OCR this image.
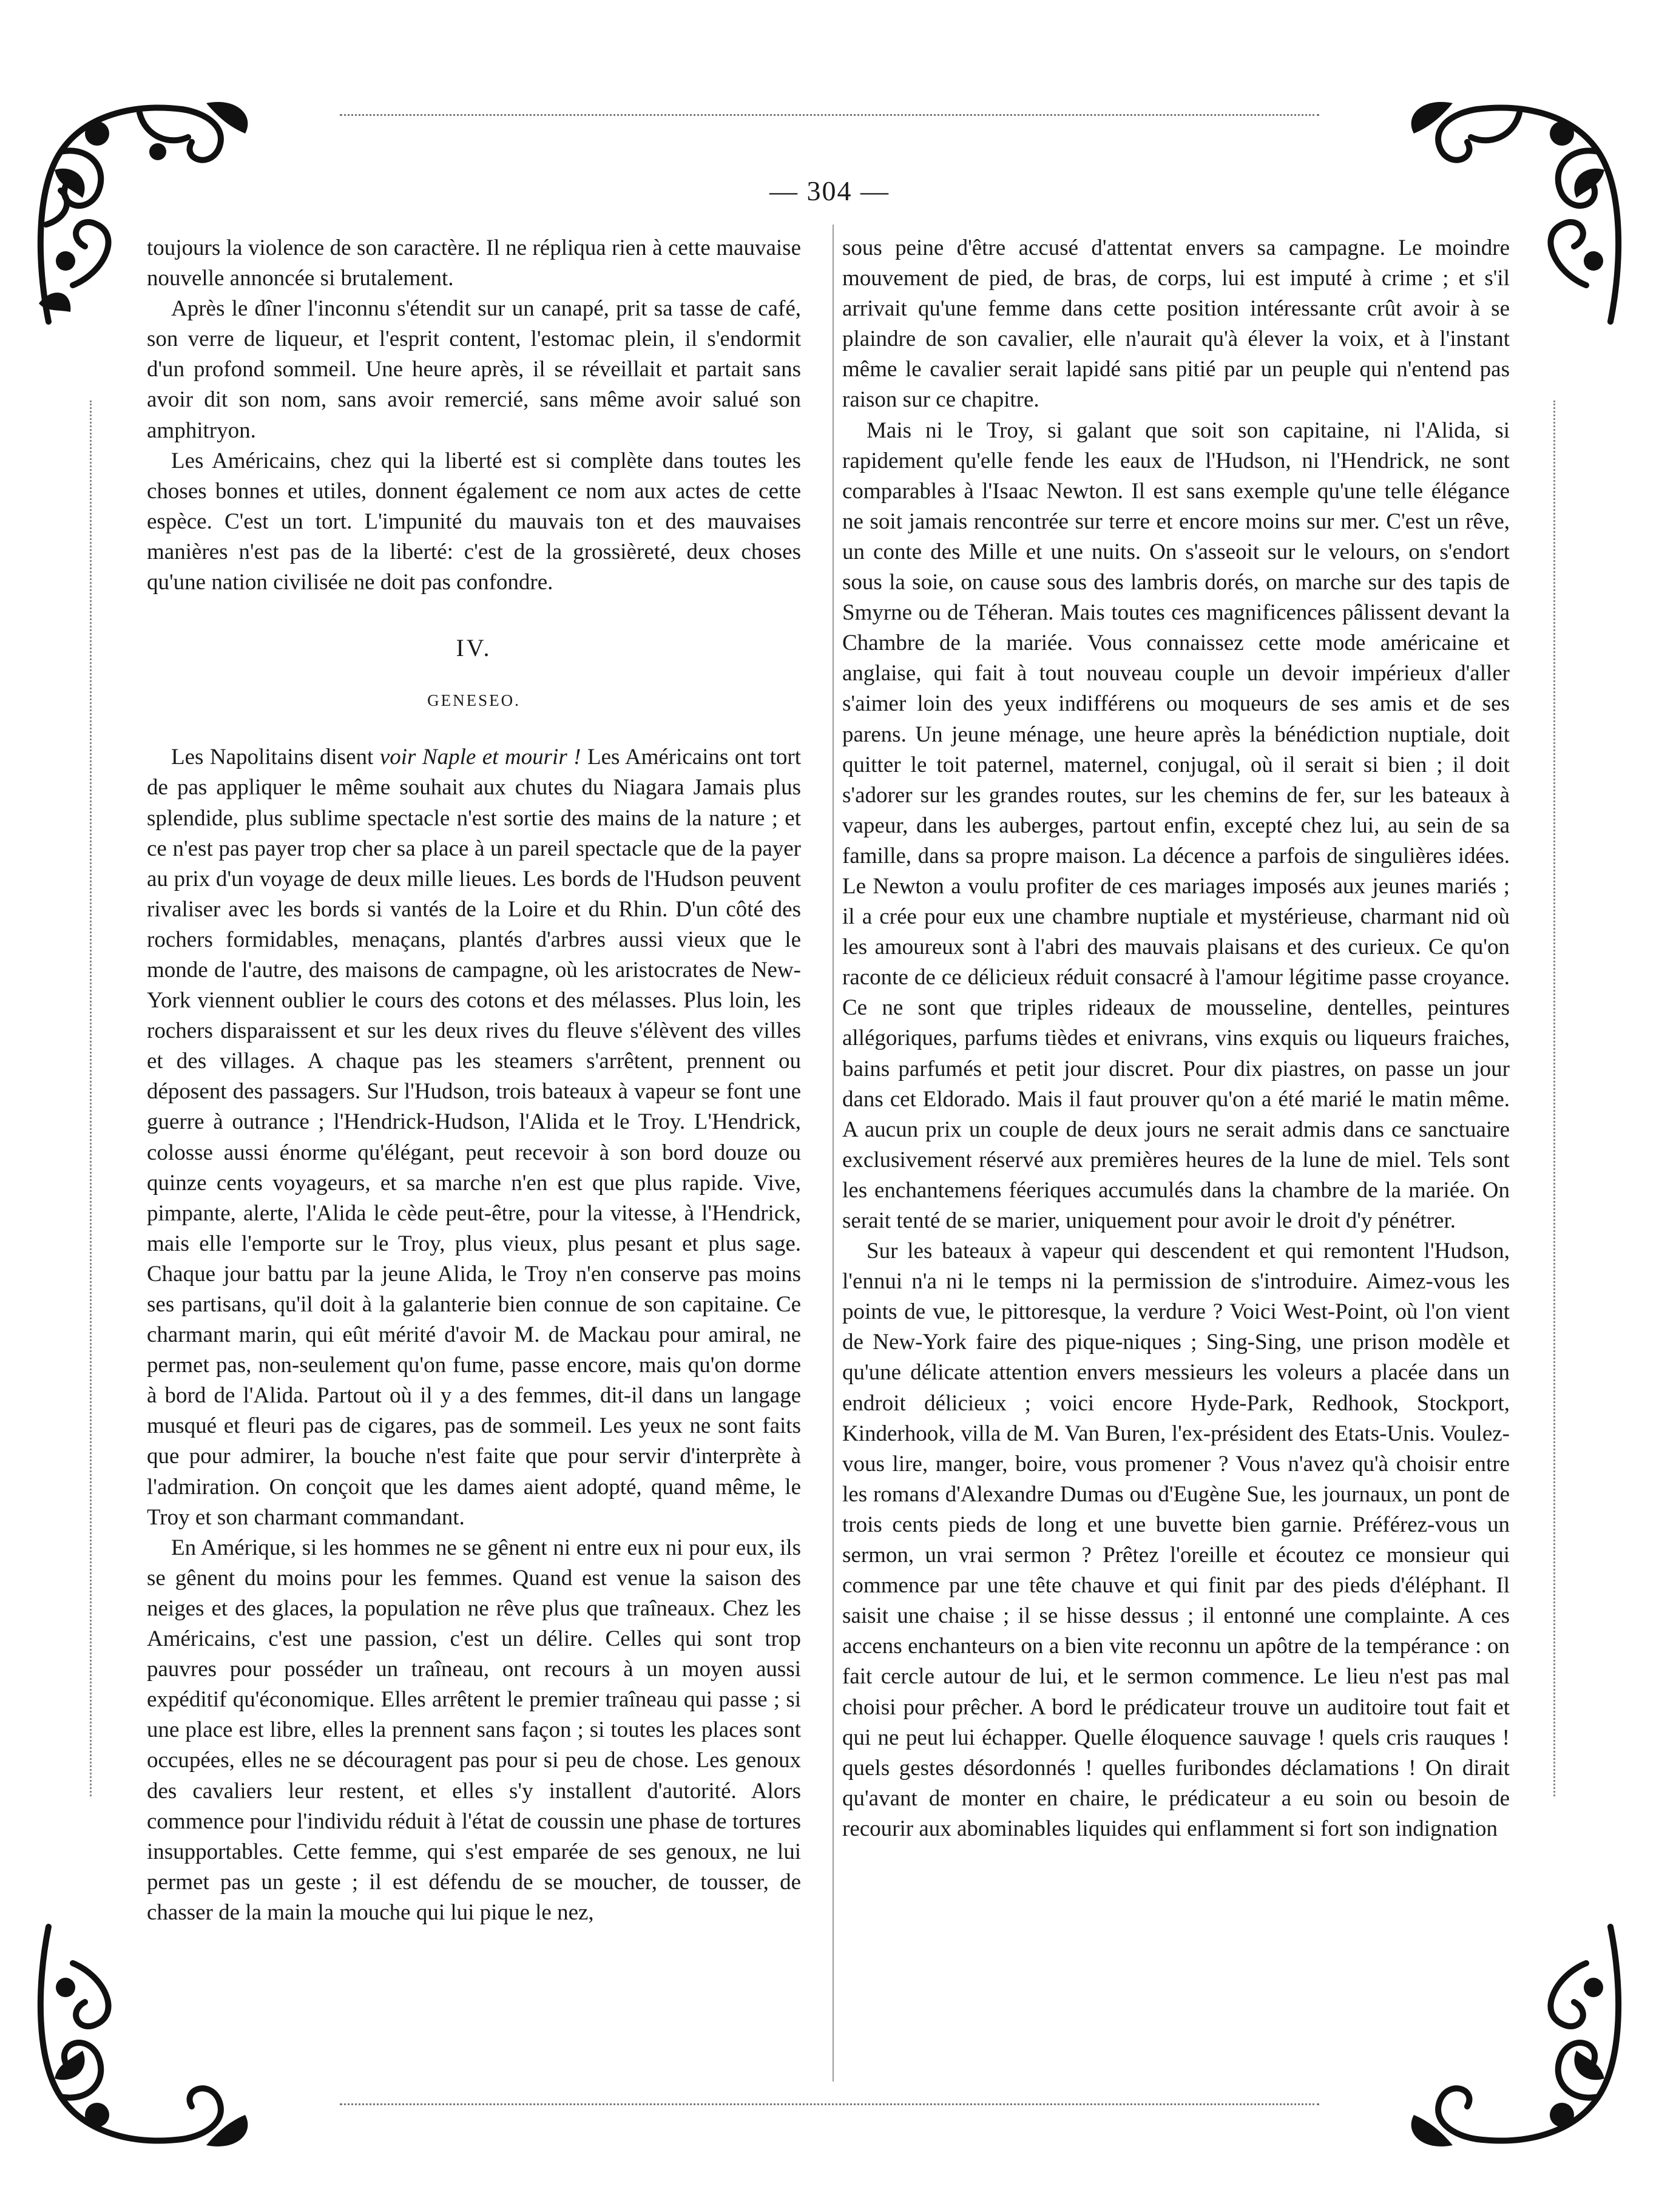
— 304 —

toujours la violence de son caractère. Il ne répliqua rien à cette mauvaise nouvelle annoncée si brutalement.

Après le dîner l'inconnu s'étendit sur un canapé, prit sa tasse de café, son verre de liqueur, et l'esprit content, l'estomac plein, il s'endormit d'un profond sommeil. Une heure après, il se réveillait et partait sans avoir dit son nom, sans avoir remercié, sans même avoir salué son amphitryon.

Les Américains, chez qui la liberté est si complète dans toutes les choses bonnes et utiles, donnent également ce nom aux actes de cette espèce. C'est un tort. L'impunité du mauvais ton et des mauvaises manières n'est pas de la liberté: c'est de la grossièreté, deux choses qu'une nation civilisée ne doit pas confondre.

IV.
GENESEO.

Les Napolitains disent voir Naple et mourir ! Les Américains ont tort de pas appliquer le même souhait aux chutes du Niagara Jamais plus splendide, plus sublime spectacle n'est sortie des mains de la nature ; et ce n'est pas payer trop cher sa place à un pareil spectacle que de la payer au prix d'un voyage de deux mille lieues. Les bords de l'Hudson peuvent rivaliser avec les bords si vantés de la Loire et du Rhin. D'un côté des rochers formidables, menaçans, plantés d'arbres aussi vieux que le monde de l'autre, des maisons de campagne, où les aristocrates de New-York viennent oublier le cours des cotons et des mélasses. Plus loin, les rochers disparaissent et sur les deux rives du fleuve s'élèvent des villes et des villages. A chaque pas les steamers s'arrêtent, prennent ou déposent des passagers. Sur l'Hudson, trois bateaux à vapeur se font une guerre à outrance ; l'Hendrick-Hudson, l'Alida et le Troy. L'Hendrick, colosse aussi énorme qu'élégant, peut recevoir à son bord douze ou quinze cents voyageurs, et sa marche n'en est que plus rapide. Vive, pimpante, alerte, l'Alida le cède peut-être, pour la vitesse, à l'Hendrick, mais elle l'emporte sur le Troy, plus vieux, plus pesant et plus sage. Chaque jour battu par la jeune Alida, le Troy n'en conserve pas moins ses partisans, qu'il doit à la galanterie bien connue de son capitaine. Ce charmant marin, qui eût mérité d'avoir M. de Mackau pour amiral, ne permet pas, non-seulement qu'on fume, passe encore, mais qu'on dorme à bord de l'Alida. Partout où il y a des femmes, dit-il dans un langage musqué et fleuri pas de cigares, pas de sommeil. Les yeux ne sont faits que pour admirer, la bouche n'est faite que pour servir d'interprète à l'admiration. On conçoit que les dames aient adopté, quand même, le Troy et son charmant commandant.

En Amérique, si les hommes ne se gênent ni entre eux ni pour eux, ils se gênent du moins pour les femmes. Quand est venue la saison des neiges et des glaces, la population ne rêve plus que traîneaux. Chez les Américains, c'est une passion, c'est un délire. Celles qui sont trop pauvres pour posséder un traîneau, ont recours à un moyen aussi expéditif qu'économique. Elles arrêtent le premier traîneau qui passe ; si une place est libre, elles la prennent sans façon ; si toutes les places sont occupées, elles ne se découragent pas pour si peu de chose. Les genoux des cavaliers leur restent, et elles s'y installent d'autorité. Alors commence pour l'individu réduit à l'état de coussin une phase de tortures insupportables. Cette femme, qui s'est emparée de ses genoux, ne lui permet pas un geste ; il est défendu de se moucher, de tousser, de chasser de la main la mouche qui lui pique le nez,

sous peine d'être accusé d'attentat envers sa campagne. Le moindre mouvement de pied, de bras, de corps, lui est imputé à crime ; et s'il arrivait qu'une femme dans cette position intéressante crût avoir à se plaindre de son cavalier, elle n'aurait qu'à élever la voix, et à l'instant même le cavalier serait lapidé sans pitié par un peuple qui n'entend pas raison sur ce chapitre.

Mais ni le Troy, si galant que soit son capitaine, ni l'Alida, si rapidement qu'elle fende les eaux de l'Hudson, ni l'Hendrick, ne sont comparables à l'Isaac Newton. Il est sans exemple qu'une telle élégance ne soit jamais rencontrée sur terre et encore moins sur mer. C'est un rêve, un conte des Mille et une nuits. On s'asseoit sur le velours, on s'endort sous la soie, on cause sous des lambris dorés, on marche sur des tapis de Smyrne ou de Téheran. Mais toutes ces magnificences pâlissent devant la Chambre de la mariée. Vous connaissez cette mode américaine et anglaise, qui fait à tout nouveau couple un devoir impérieux d'aller s'aimer loin des yeux indifférens ou moqueurs de ses amis et de ses parens. Un jeune ménage, une heure après la bénédiction nuptiale, doit quitter le toit paternel, maternel, conjugal, où il serait si bien ; il doit s'adorer sur les grandes routes, sur les chemins de fer, sur les bateaux à vapeur, dans les auberges, partout enfin, excepté chez lui, au sein de sa famille, dans sa propre maison. La décence a parfois de singulières idées. Le Newton a voulu profiter de ces mariages imposés aux jeunes mariés ; il a crée pour eux une chambre nuptiale et mystérieuse, charmant nid où les amoureux sont à l'abri des mauvais plaisans et des curieux. Ce qu'on raconte de ce délicieux réduit consacré à l'amour légitime passe croyance. Ce ne sont que triples rideaux de mousseline, dentelles, peintures allégoriques, parfums tièdes et enivrans, vins exquis ou liqueurs fraiches, bains parfumés et petit jour discret. Pour dix piastres, on passe un jour dans cet Eldorado. Mais il faut prouver qu'on a été marié le matin même. A aucun prix un couple de deux jours ne serait admis dans ce sanctuaire exclusivement réservé aux premières heures de la lune de miel. Tels sont les enchantemens féeriques accumulés dans la chambre de la mariée. On serait tenté de se marier, uniquement pour avoir le droit d'y pénétrer.

Sur les bateaux à vapeur qui descendent et qui remontent l'Hudson, l'ennui n'a ni le temps ni la permission de s'introduire. Aimez-vous les points de vue, le pittoresque, la verdure ? Voici West-Point, où l'on vient de New-York faire des pique-niques ; Sing-Sing, une prison modèle et qu'une délicate attention envers messieurs les voleurs a placée dans un endroit délicieux ; voici encore Hyde-Park, Redhook, Stockport, Kinderhook, villa de M. Van Buren, l'ex-président des Etats-Unis. Voulez-vous lire, manger, boire, vous promener ? Vous n'avez qu'à choisir entre les romans d'Alexandre Dumas ou d'Eugène Sue, les journaux, un pont de trois cents pieds de long et une buvette bien garnie. Préférez-vous un sermon, un vrai sermon ? Prêtez l'oreille et écoutez ce monsieur qui commence par une tête chauve et qui finit par des pieds d'éléphant. Il saisit une chaise ; il se hisse dessus ; il entonné une complainte. A ces accens enchanteurs on a bien vite reconnu un apôtre de la tempérance : on fait cercle autour de lui, et le sermon commence. Le lieu n'est pas mal choisi pour prêcher. A bord le prédicateur trouve un auditoire tout fait et qui ne peut lui échapper. Quelle éloquence sauvage ! quels cris rauques ! quels gestes désordonnés ! quelles furibondes déclamations ! On dirait qu'avant de monter en chaire, le prédicateur a eu soin ou besoin de recourir aux abominables liquides qui enflamment si fort son indignation
